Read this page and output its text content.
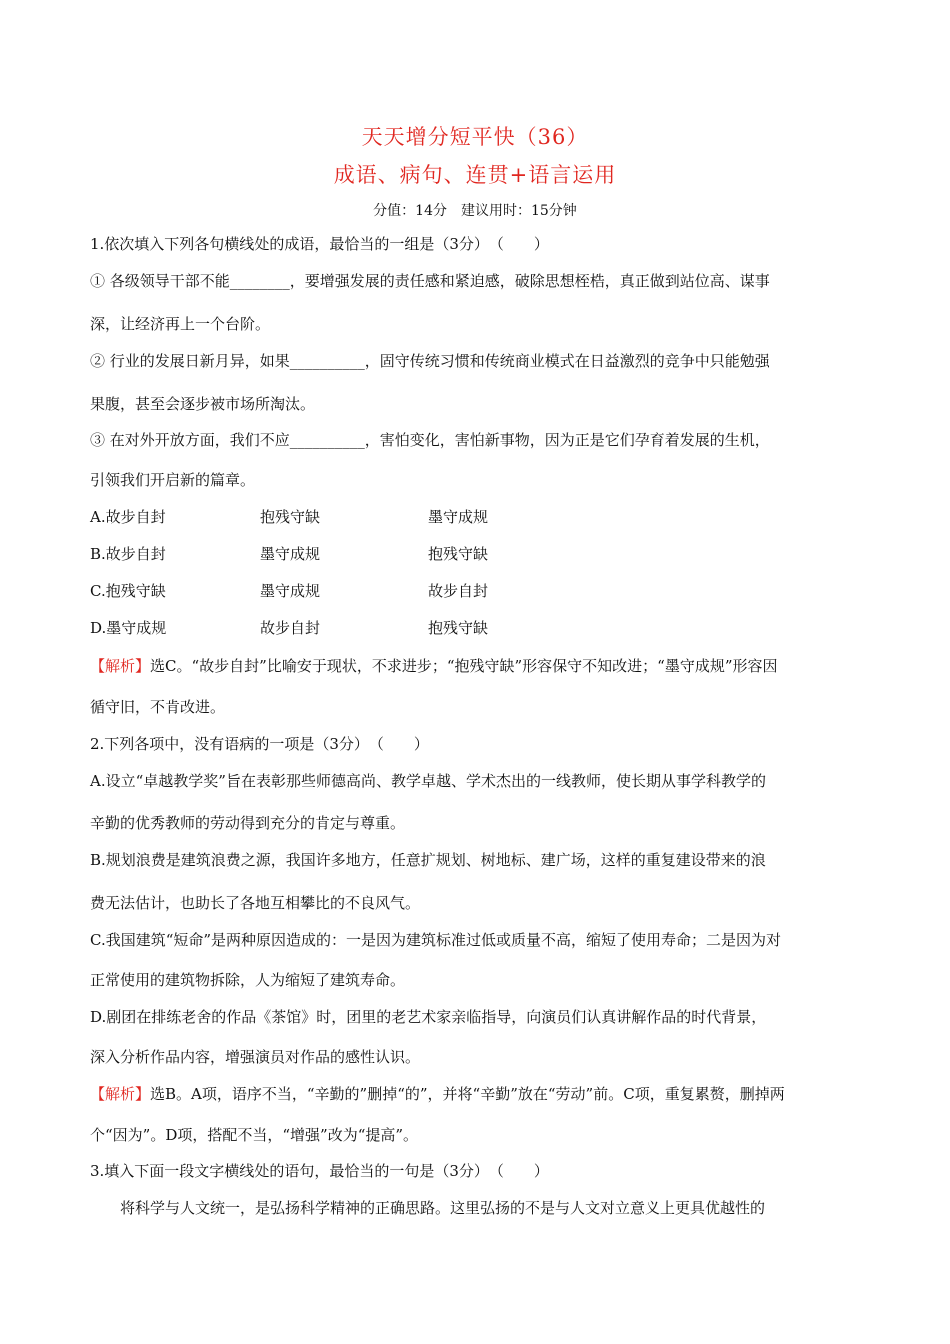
天天增分短平快（36）
成语、病句、连贯+语言运用
分值：14分　建议用时：15分钟
1.依次填入下列各句横线处的成语，最恰当的一组是（3分）　（　　）
① 各级领导干部不能________，要增强发展的责任感和紧迫感，破除思想桎梏，真正做到站位高、谋事
深，让经济再上一个台阶。
② 行业的发展日新月异，如果__________，固守传统习惯和传统商业模式在日益激烈的竞争中只能勉强
果腹，甚至会逐步被市场所淘汰。
③ 在对外开放方面，我们不应__________，害怕变化，害怕新事物，因为正是它们孕育着发展的生机，
引领我们开启新的篇章。
A.故步自封	抱残守缺	墨守成规
B.故步自封	墨守成规	抱残守缺
C.抱残守缺	墨守成规	故步自封
D.墨守成规	故步自封	抱残守缺
【解析】选C。“故步自封”比喻安于现状，不求进步；“抱残守缺”形容保守不知改进；“墨守成规”形容因
循守旧，不肯改进。
2.下列各项中，没有语病的一项是（3分）　（　　）
A.设立“卓越教学奖”旨在表彰那些师德高尚、教学卓越、学术杰出的一线教师，使长期从事学科教学的
辛勤的优秀教师的劳动得到充分的肯定与尊重。
B.规划浪费是建筑浪费之源，我国许多地方，任意扩规划、树地标、建广场，这样的重复建设带来的浪
费无法估计，也助长了各地互相攀比的不良风气。
C.我国建筑“短命”是两种原因造成的：一是因为建筑标准过低或质量不高，缩短了使用寿命；二是因为对
正常使用的建筑物拆除，人为缩短了建筑寿命。
D.剧团在排练老舍的作品《茶馆》时，团里的老艺术家亲临指导，向演员们认真讲解作品的时代背景，
深入分析作品内容，增强演员对作品的感性认识。
【解析】选B。A项，语序不当，“辛勤的”删掉“的”，并将“辛勤”放在“劳动”前。C项，重复累赘，删掉两
个“因为”。D项，搭配不当，“增强”改为“提高”。
3.填入下面一段文字横线处的语句，最恰当的一句是（3分）　（　　）
　　将科学与人文统一，是弘扬科学精神的正确思路。这里弘扬的不是与人文对立意义上更具优越性的
